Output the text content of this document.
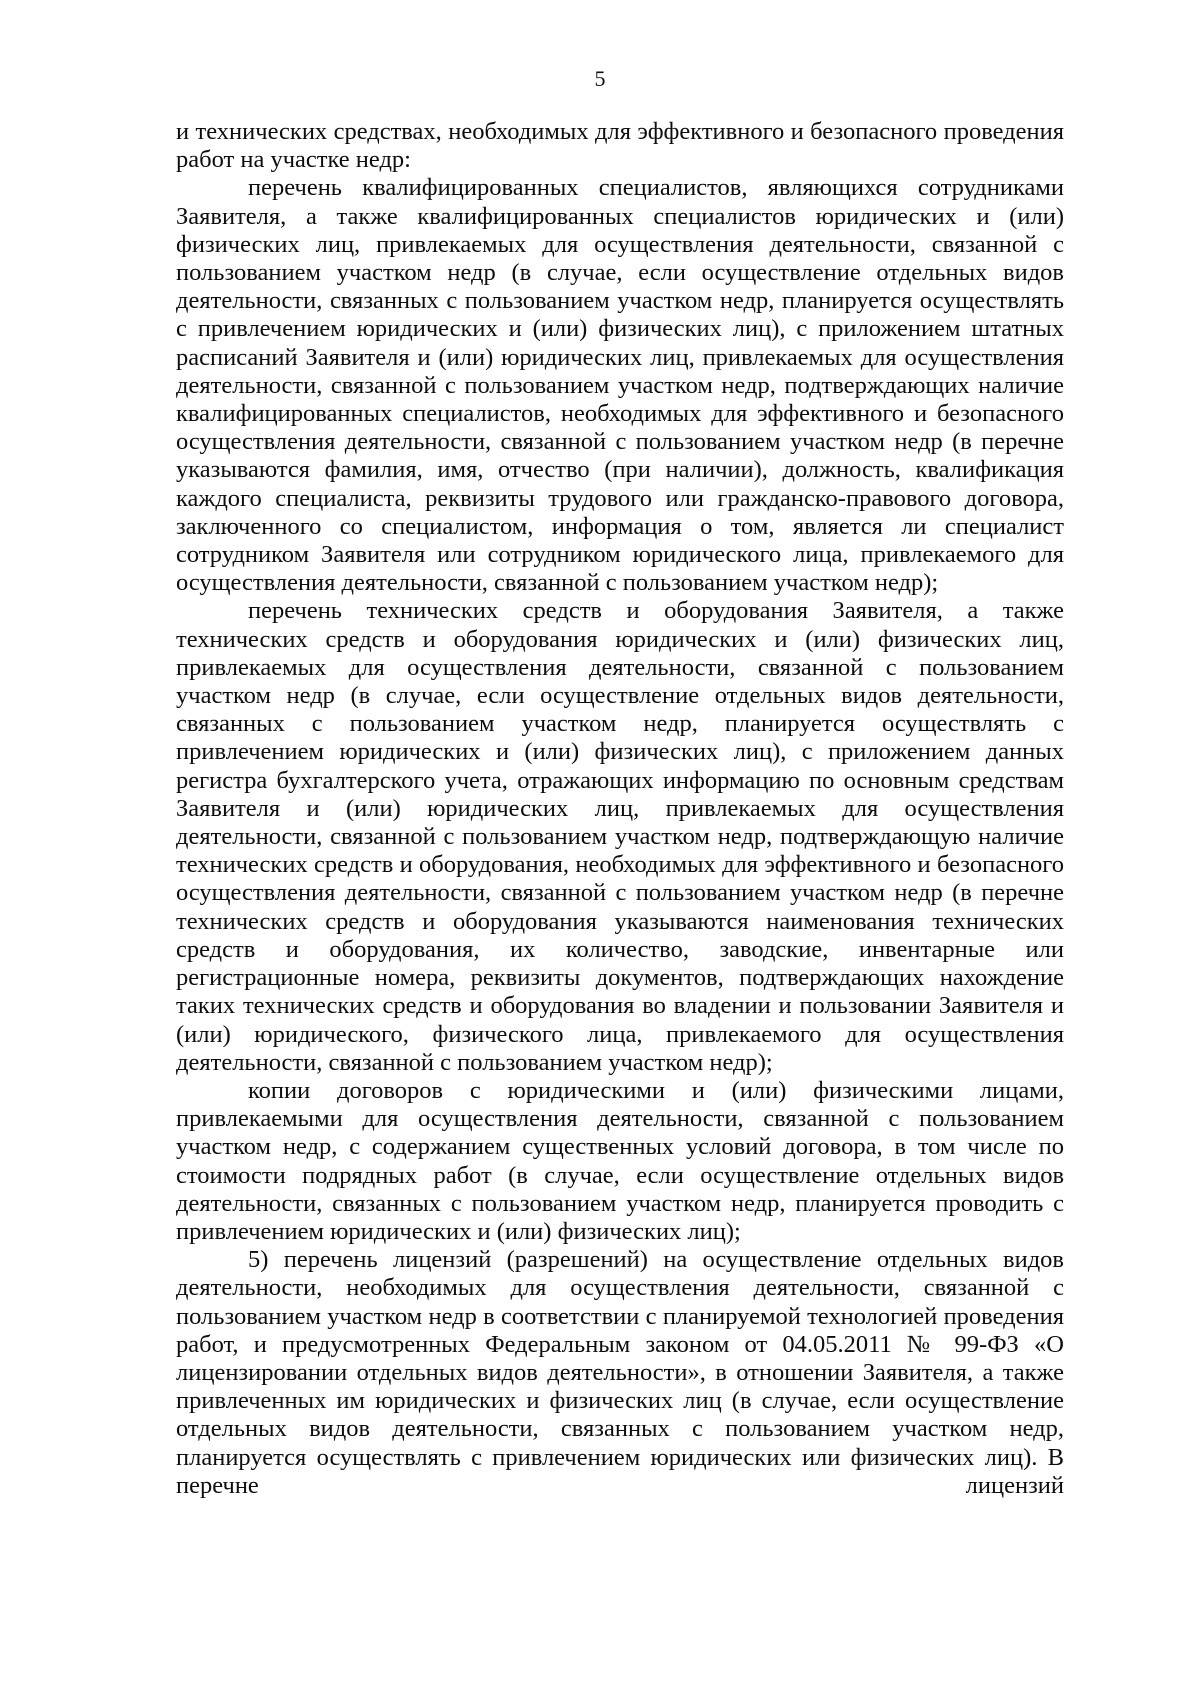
5

и технических средствах, необходимых для эффективного и безопасного проведения работ на участке недр:

перечень квалифицированных специалистов, являющихся сотрудниками Заявителя, а также квалифицированных специалистов юридических и (или) физических лиц, привлекаемых для осуществления деятельности, связанной с пользованием участком недр (в случае, если осуществление отдельных видов деятельности, связанных с пользованием участком недр, планируется осуществлять с привлечением юридических и (или) физических лиц), с приложением штатных расписаний Заявителя и (или) юридических лиц, привлекаемых для осуществления деятельности, связанной с пользованием участком недр, подтверждающих наличие квалифицированных специалистов, необходимых для эффективного и безопасного осуществления деятельности, связанной с пользованием участком недр (в перечне указываются фамилия, имя, отчество (при наличии), должность, квалификация каждого специалиста, реквизиты трудового или гражданско-правового договора, заключенного со специалистом, информация о том, является ли специалист сотрудником Заявителя или сотрудником юридического лица, привлекаемого для осуществления деятельности, связанной с пользованием участком недр);

перечень технических средств и оборудования Заявителя, а также технических средств и оборудования юридических и (или) физических лиц, привлекаемых для осуществления деятельности, связанной с пользованием участком недр (в случае, если осуществление отдельных видов деятельности, связанных с пользованием участком недр, планируется осуществлять с привлечением юридических и (или) физических лиц), с приложением данных регистра бухгалтерского учета, отражающих информацию по основным средствам Заявителя и (или) юридических лиц, привлекаемых для осуществления деятельности, связанной с пользованием участком недр, подтверждающую наличие технических средств и оборудования, необходимых для эффективного и безопасного осуществления деятельности, связанной с пользованием участком недр (в перечне технических средств и оборудования указываются наименования технических средств и оборудования, их количество, заводские, инвентарные или регистрационные номера, реквизиты документов, подтверждающих нахождение таких технических средств и оборудования во владении и пользовании Заявителя и (или) юридического, физического лица, привлекаемого для осуществления деятельности, связанной с пользованием участком недр);

копии договоров с юридическими и (или) физическими лицами, привлекаемыми для осуществления деятельности, связанной с пользованием участком недр, с содержанием существенных условий договора, в том числе по стоимости подрядных работ (в случае, если осуществление отдельных видов деятельности, связанных с пользованием участком недр, планируется проводить с привлечением юридических и (или) физических лиц);

5) перечень лицензий (разрешений) на осуществление отдельных видов деятельности, необходимых для осуществления деятельности, связанной с пользованием участком недр в соответствии с планируемой технологией проведения работ, и предусмотренных Федеральным законом от 04.05.2011 № 99-ФЗ «О лицензировании отдельных видов деятельности», в отношении Заявителя, а также привлеченных им юридических и физических лиц (в случае, если осуществление отдельных видов деятельности, связанных с пользованием участком недр, планируется осуществлять с привлечением юридических или физических лиц). В перечне лицензий
